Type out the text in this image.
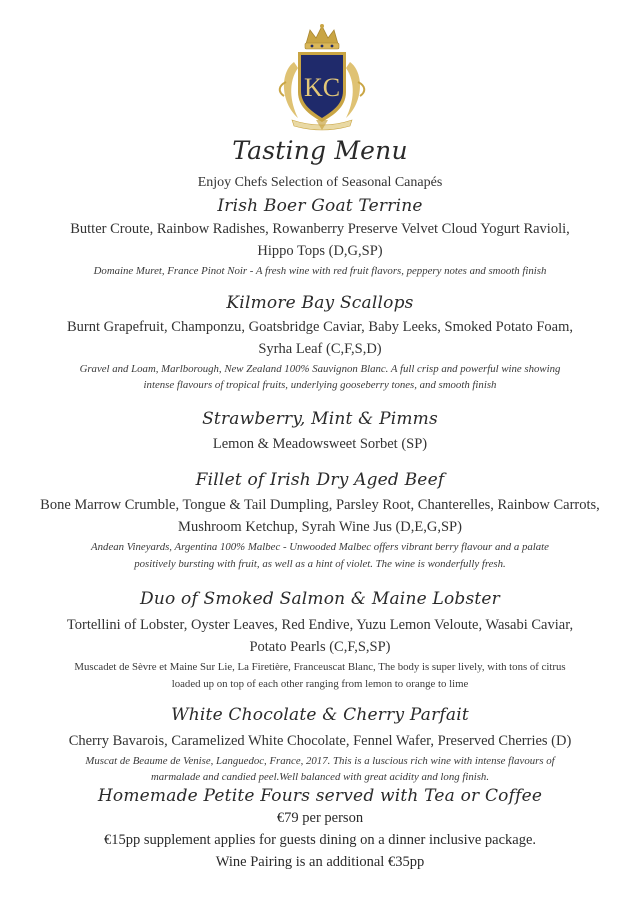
KC
Tasting Menu
Enjoy Chefs Selection of Seasonal Canapés
Irish Boer Goat Terrine
Butter Croute, Rainbow Radishes, Rowanberry Preserve Velvet Cloud Yogurt Ravioli,
Hippo Tops (D,G,SP)
Domaine Muret, France Pinot Noir - A fresh wine with red fruit flavors, peppery notes and smooth finish
Kilmore Bay Scallops
Burnt Grapefruit, Champonzu, Goatsbridge Caviar, Baby Leeks, Smoked Potato Foam,
Syrha Leaf (C,F,S,D)
Gravel and Loam, Marlborough, New Zealand 100% Sauvignon Blanc. A full crisp and powerful wine showing
intense flavours of tropical fruits, underlying gooseberry tones, and smooth finish
Strawberry, Mint & Pimms
Lemon & Meadowsweet Sorbet (SP)
Fillet of Irish Dry Aged Beef
Bone Marrow Crumble, Tongue & Tail Dumpling, Parsley Root, Chanterelles, Rainbow Carrots,
Mushroom Ketchup, Syrah Wine Jus (D,E,G,SP)
Andean Vineyards, Argentina 100% Malbec - Unwooded Malbec offers vibrant berry flavour and a palate
positively bursting with fruit, as well as a hint of violet. The wine is wonderfully fresh.
Duo of Smoked Salmon & Maine Lobster
Tortellini of Lobster, Oyster Leaves, Red Endive, Yuzu Lemon Veloute, Wasabi Caviar,
Potato Pearls (C,F,S,SP)
Muscadet de Sèvre et Maine Sur Lie, La Firetière, Franceuscat Blanc, The body is super lively, with tons of citrus
loaded up on top of each other ranging from lemon to orange to lime
White Chocolate & Cherry Parfait
Cherry Bavarois, Caramelized White Chocolate, Fennel Wafer, Preserved Cherries (D)
Muscat de Beaume de Venise, Languedoc, France, 2017. This is a luscious rich wine with intense flavours of
marmalade and candied peel.Well balanced with great acidity and long finish.
Homemade Petite Fours served with Tea or Coffee
€79 per person
€15pp supplement applies for guests dining on a dinner inclusive package.
Wine Pairing is an additional €35pp
